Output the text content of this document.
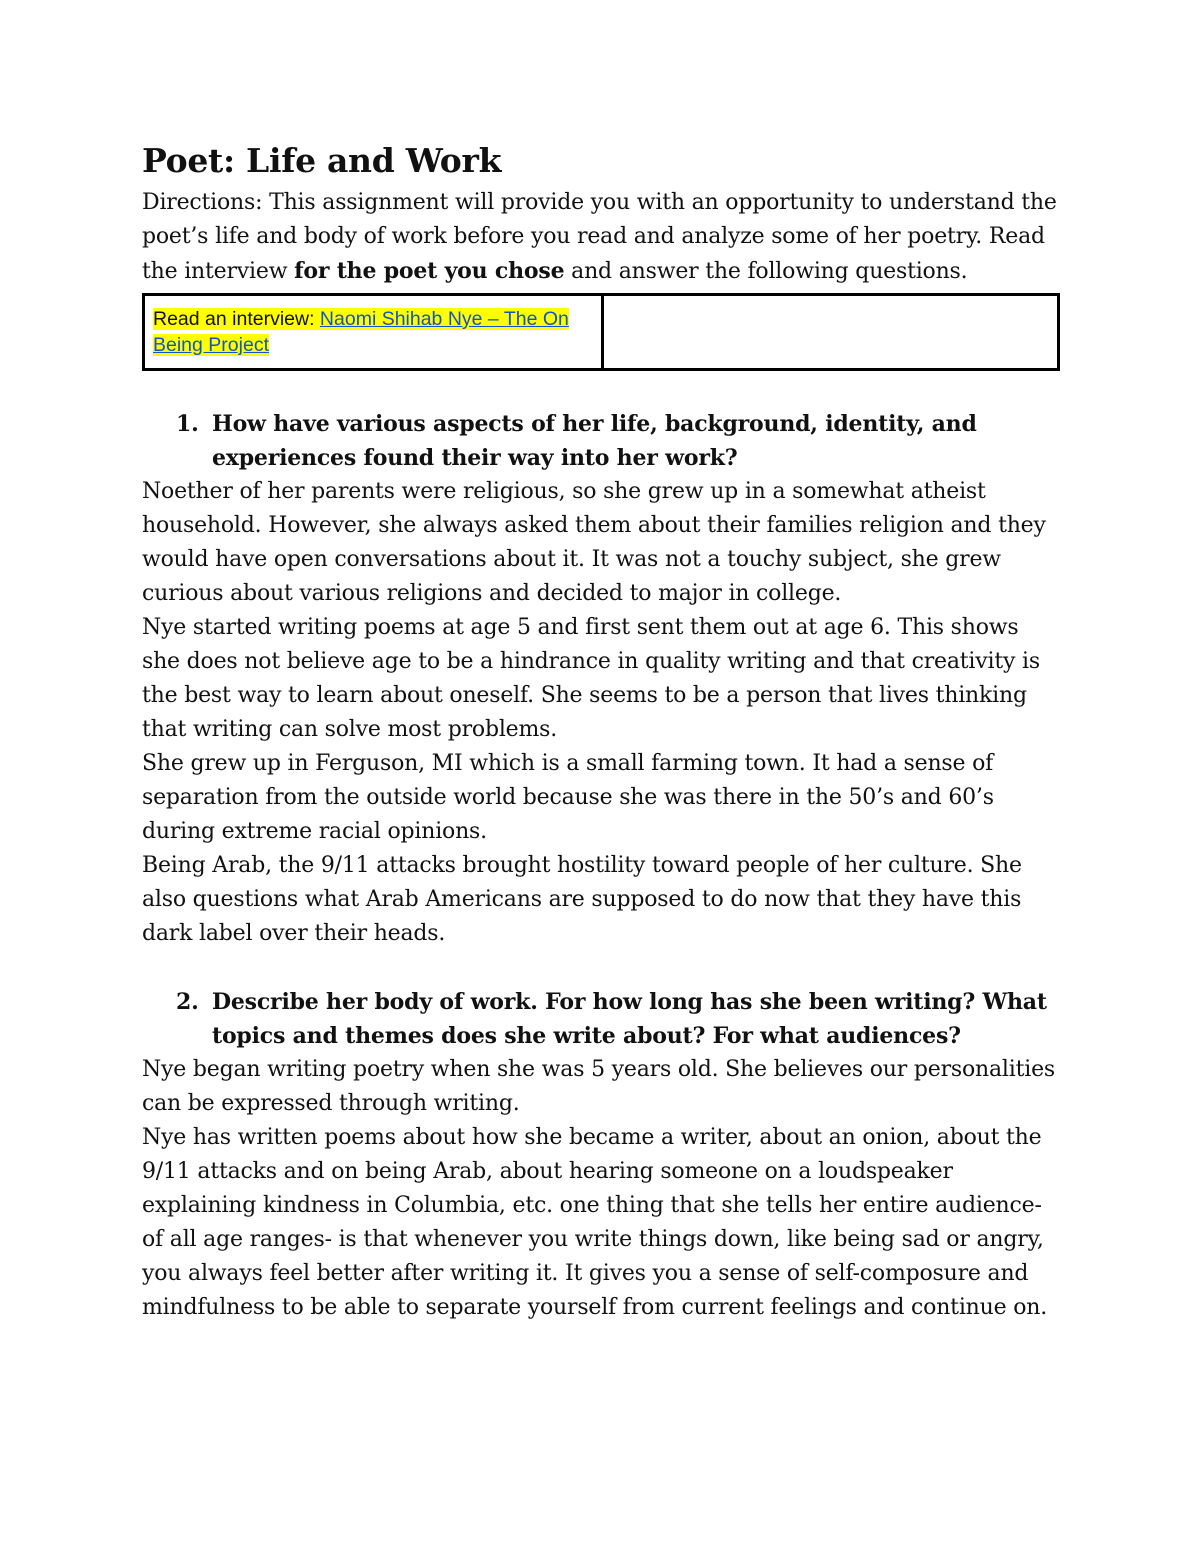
Poet: Life and Work

Directions: This assignment will provide you with an opportunity to understand the poet’s life and body of work before you read and analyze some of her poetry. Read the interview for the poet you chose and answer the following questions.

Read an interview: Naomi Shihab Nye – The On Being Project	
1. How have various aspects of her life, background, identity, and experiences found their way into her work?

Noether of her parents were religious, so she grew up in a somewhat atheist household. However, she always asked them about their families religion and they would have open conversations about it. It was not a touchy subject, she grew curious about various religions and decided to major in college.

Nye started writing poems at age 5 and first sent them out at age 6. This shows she does not believe age to be a hindrance in quality writing and that creativity is the best way to learn about oneself. She seems to be a person that lives thinking that writing can solve most problems.

She grew up in Ferguson, MI which is a small farming town. It had a sense of separation from the outside world because she was there in the 50’s and 60’s during extreme racial opinions.

Being Arab, the 9/11 attacks brought hostility toward people of her culture. She also questions what Arab Americans are supposed to do now that they have this dark label over their heads.

2. Describe her body of work. For how long has she been writing? What topics and themes does she write about? For what audiences?

Nye began writing poetry when she was 5 years old. She believes our personalities can be expressed through writing.

Nye has written poems about how she became a writer, about an onion, about the 9/11 attacks and on being Arab, about hearing someone on a loudspeaker explaining kindness in Columbia, etc. one thing that she tells her entire audience- of all age ranges- is that whenever you write things down, like being sad or angry, you always feel better after writing it. It gives you a sense of self-composure and mindfulness to be able to separate yourself from current feelings and continue on.
